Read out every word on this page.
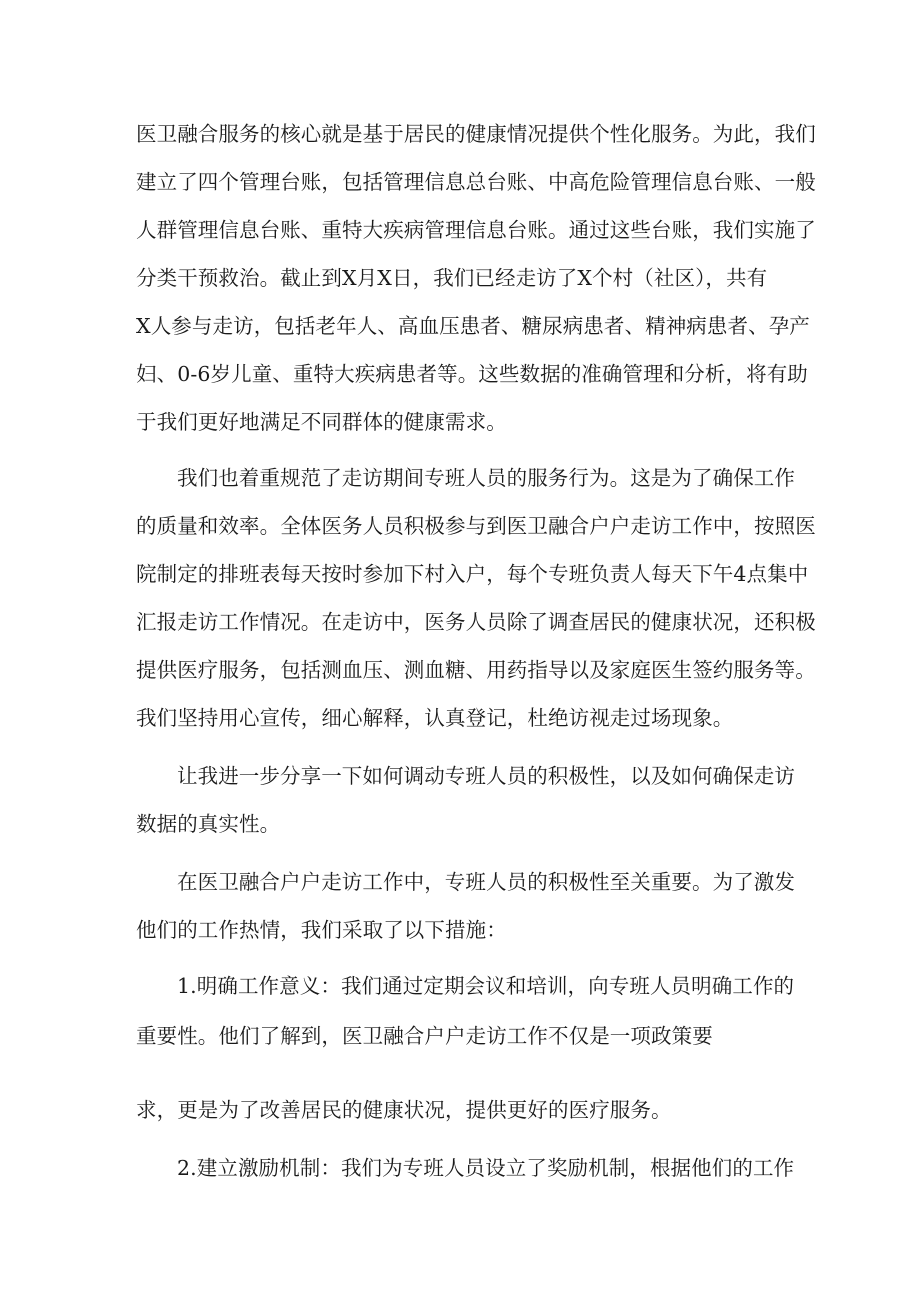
医卫融合服务的核心就是基于居民的健康情况提供个性化服务。为此，我们
建立了四个管理台账，包括管理信息总台账、中高危险管理信息台账、一般
人群管理信息台账、重特大疾病管理信息台账。通过这些台账，我们实施了
分类干预救治。截止到X月X日，我们已经走访了X个村（社区），共有
X人参与走访，包括老年人、高血压患者、糖尿病患者、精神病患者、孕产
妇、0-6岁儿童、重特大疾病患者等。这些数据的准确管理和分析，将有助
于我们更好地满足不同群体的健康需求。
我们也着重规范了走访期间专班人员的服务行为。这是为了确保工作
的质量和效率。全体医务人员积极参与到医卫融合户户走访工作中，按照医
院制定的排班表每天按时参加下村入户，每个专班负责人每天下午4点集中
汇报走访工作情况。在走访中，医务人员除了调查居民的健康状况，还积极
提供医疗服务，包括测血压、测血糖、用药指导以及家庭医生签约服务等。
我们坚持用心宣传，细心解释，认真登记，杜绝访视走过场现象。
让我进一步分享一下如何调动专班人员的积极性，以及如何确保走访
数据的真实性。
在医卫融合户户走访工作中，专班人员的积极性至关重要。为了激发
他们的工作热情，我们采取了以下措施：
1.明确工作意义：我们通过定期会议和培训，向专班人员明确工作的
重要性。他们了解到，医卫融合户户走访工作不仅是一项政策要
求，更是为了改善居民的健康状况，提供更好的医疗服务。
2.建立激励机制：我们为专班人员设立了奖励机制，根据他们的工作
